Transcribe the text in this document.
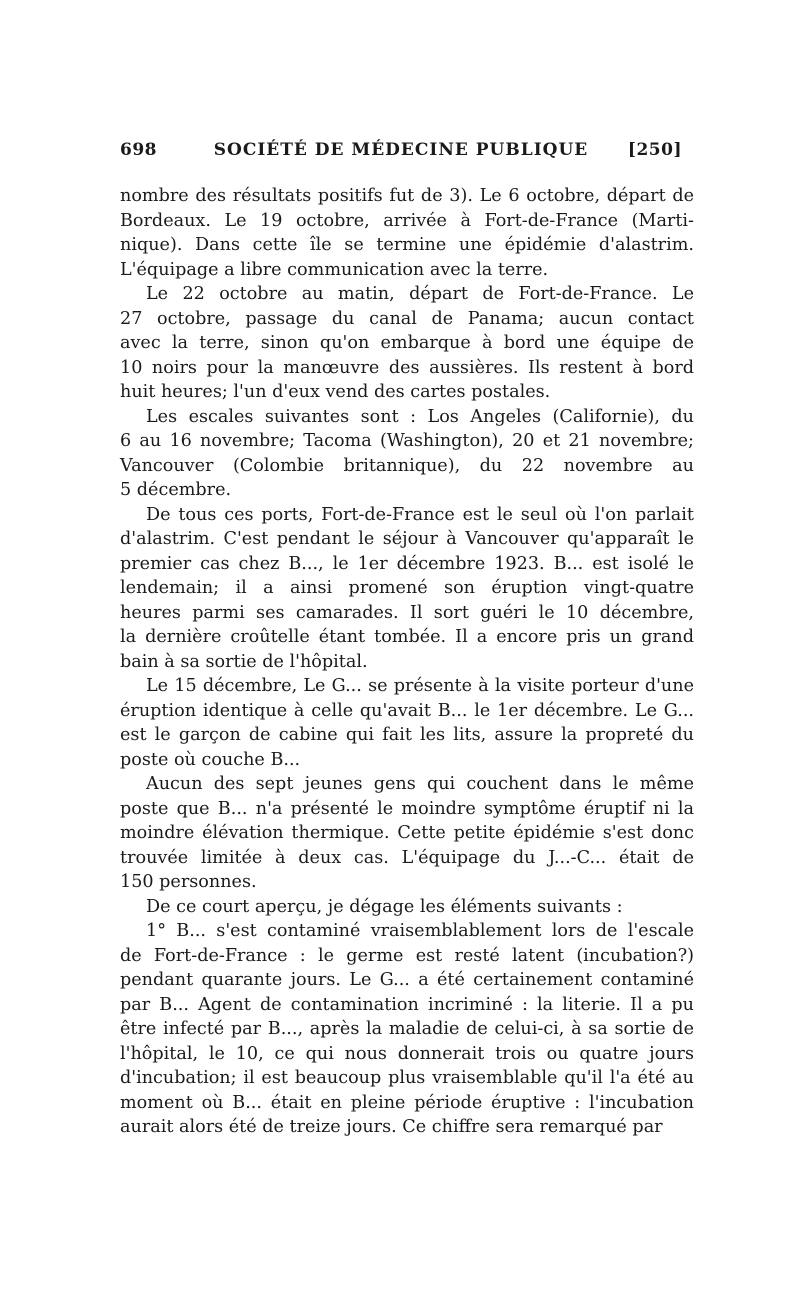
698	SOCIÉTÉ DE MÉDECINE PUBLIQUE	[250]
nombre des résultats positifs fut de 3). Le 6 octobre, départ de
Bordeaux. Le 19 octobre, arrivée à Fort-de-France (Marti-
nique). Dans cette île se termine une épidémie d'alastrim.
L'équipage a libre communication avec la terre.
Le 22 octobre au matin, départ de Fort-de-France. Le
27 octobre, passage du canal de Panama; aucun contact
avec la terre, sinon qu'on embarque à bord une équipe de
10 noirs pour la manœuvre des aussières. Ils restent à bord
huit heures; l'un d'eux vend des cartes postales.
Les escales suivantes sont : Los Angeles (Californie), du
6 au 16 novembre; Tacoma (Washington), 20 et 21 novembre;
Vancouver (Colombie britannique), du 22 novembre au
5 décembre.
De tous ces ports, Fort-de-France est le seul où l'on parlait
d'alastrim. C'est pendant le séjour à Vancouver qu'apparaît le
premier cas chez B..., le 1er décembre 1923. B... est isolé le
lendemain; il a ainsi promené son éruption vingt-quatre
heures parmi ses camarades. Il sort guéri le 10 décembre,
la dernière croûtelle étant tombée. Il a encore pris un grand
bain à sa sortie de l'hôpital.
Le 15 décembre, Le G... se présente à la visite porteur d'une
éruption identique à celle qu'avait B... le 1er décembre. Le G...
est le garçon de cabine qui fait les lits, assure la propreté du
poste où couche B...
Aucun des sept jeunes gens qui couchent dans le même
poste que B... n'a présenté le moindre symptôme éruptif ni la
moindre élévation thermique. Cette petite épidémie s'est donc
trouvée limitée à deux cas. L'équipage du J...-C... était de
150 personnes.
De ce court aperçu, je dégage les éléments suivants :
1° B... s'est contaminé vraisemblablement lors de l'escale
de Fort-de-France : le germe est resté latent (incubation?)
pendant quarante jours. Le G... a été certainement contaminé
par B... Agent de contamination incriminé : la literie. Il a pu
être infecté par B..., après la maladie de celui-ci, à sa sortie de
l'hôpital, le 10, ce qui nous donnerait trois ou quatre jours
d'incubation; il est beaucoup plus vraisemblable qu'il l'a été au
moment où B... était en pleine période éruptive : l'incubation
aurait alors été de treize jours. Ce chiffre sera remarqué par
